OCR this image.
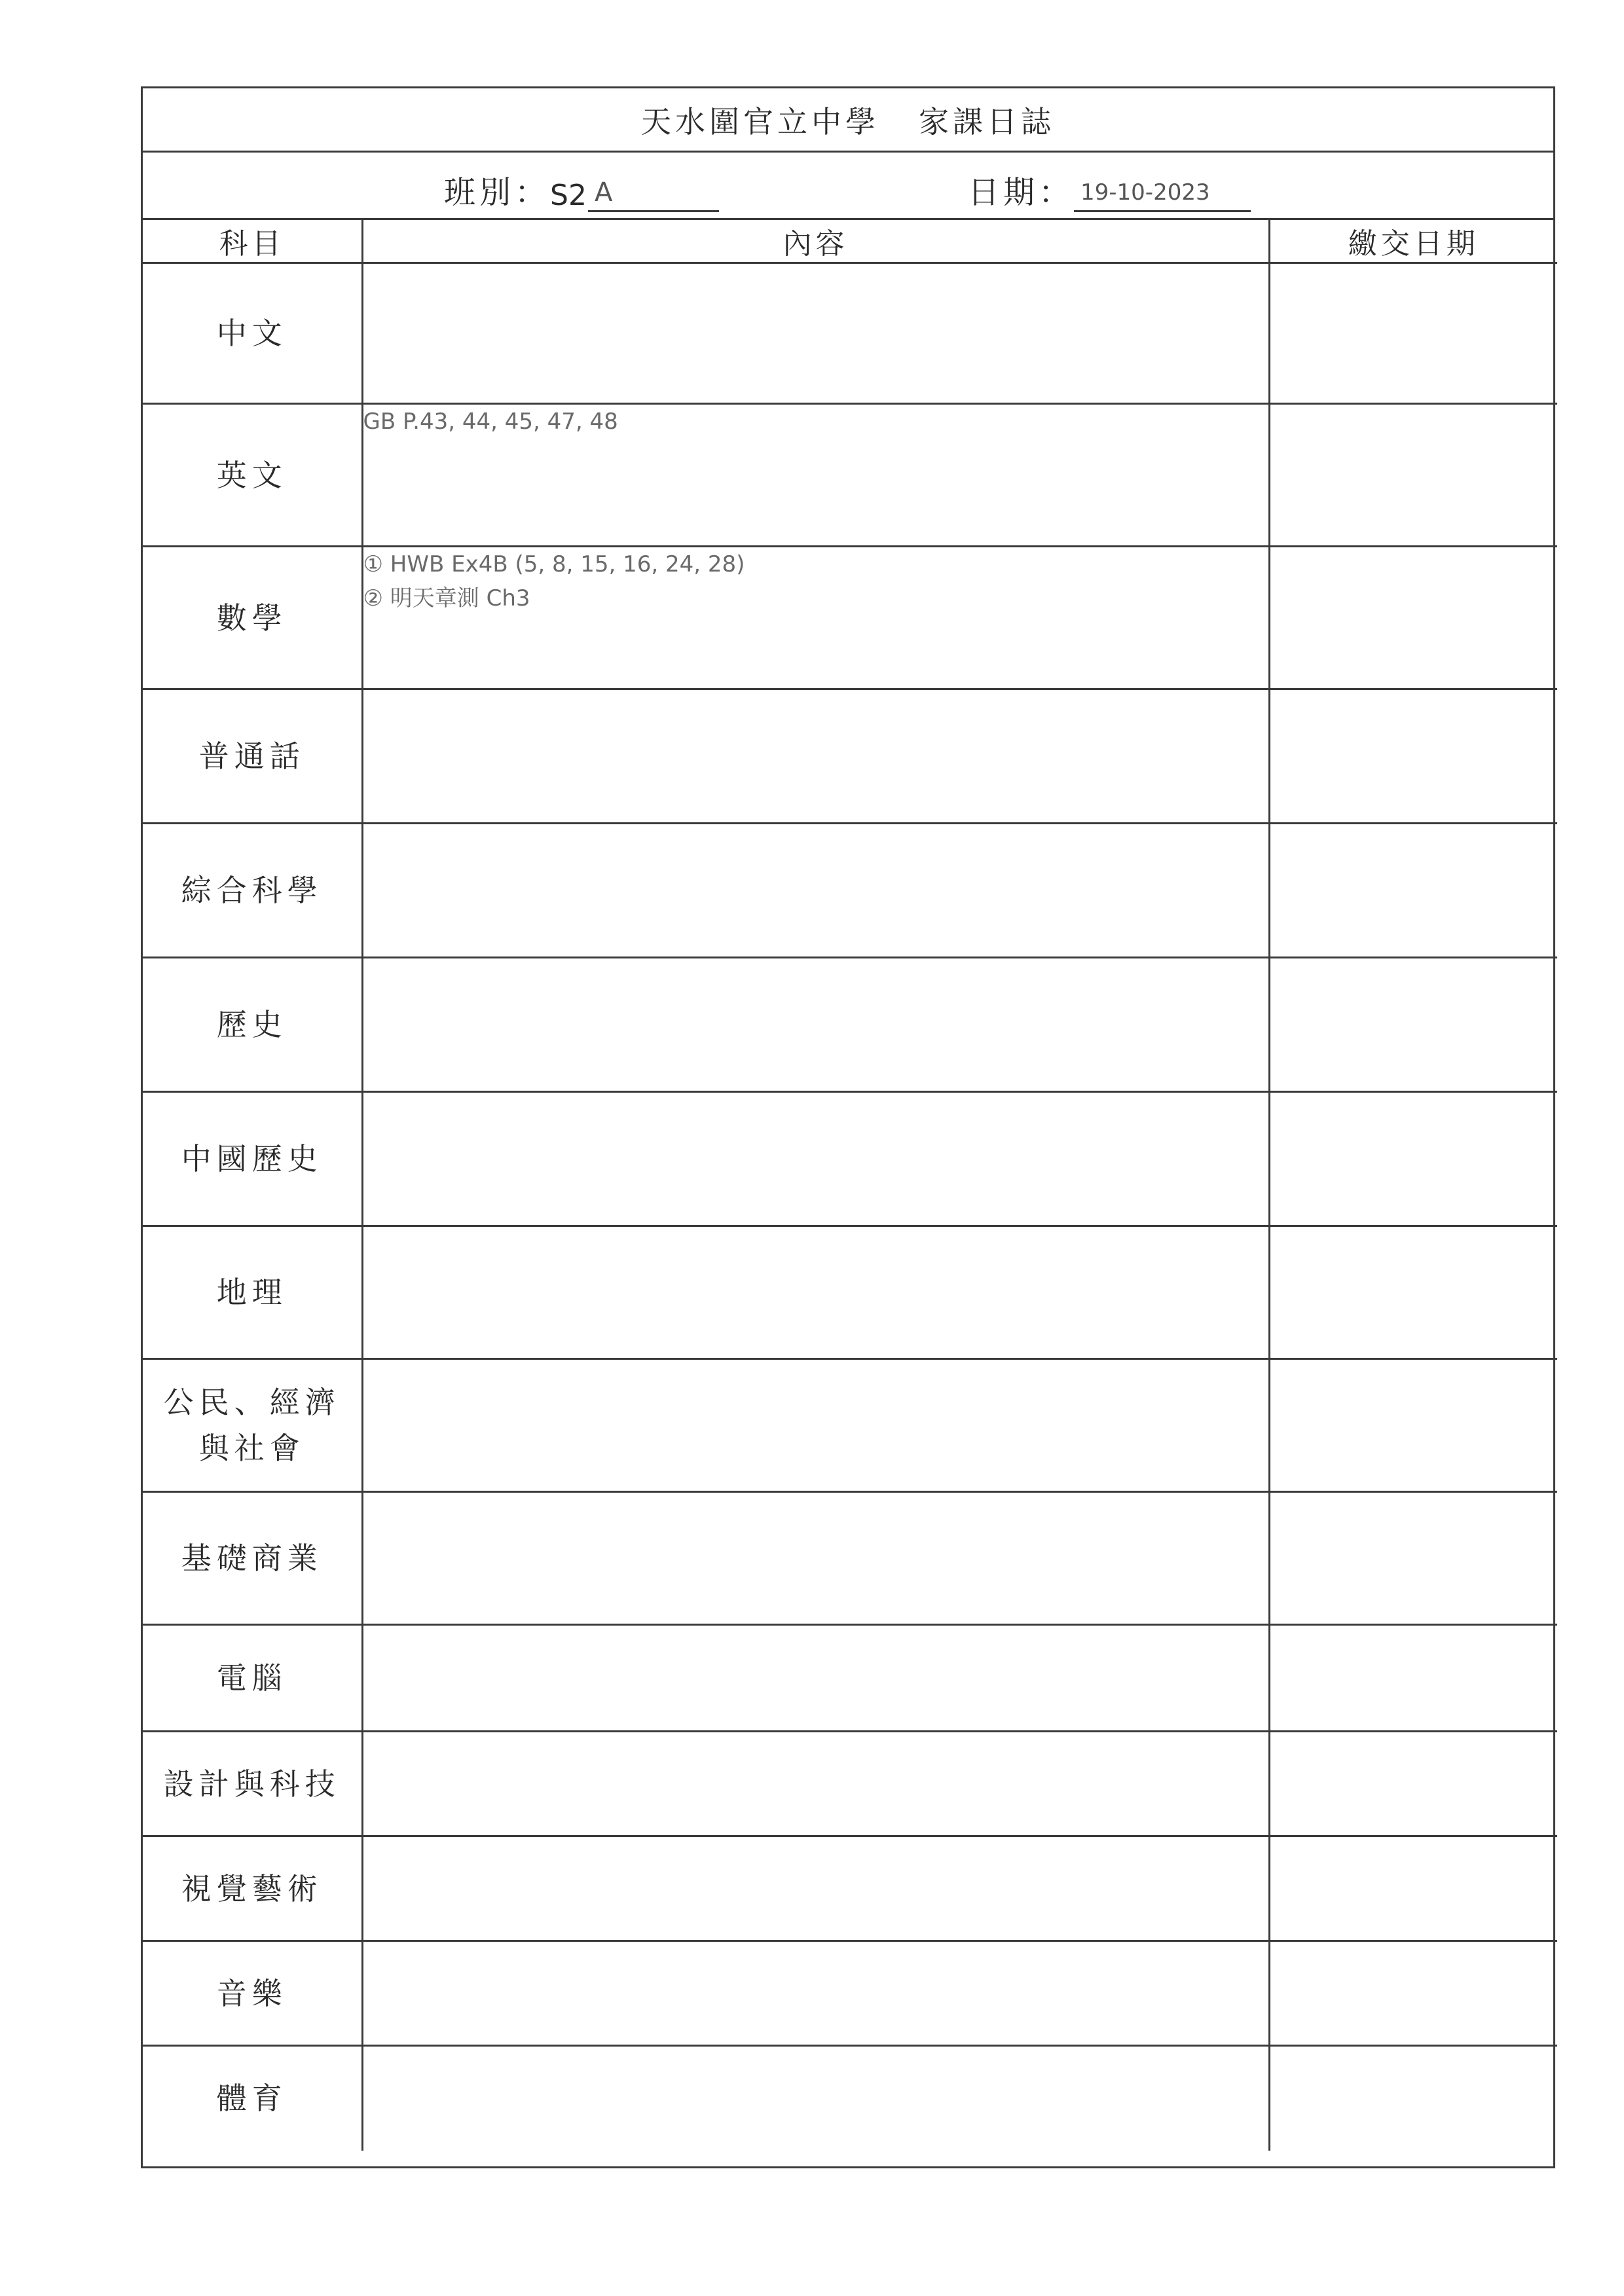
天水圍官立中學 家課日誌
班別： S2 A	日期： 19-10-2023
科目	內容	繳交日期

中文		

英文	GB P.43, 44, 45, 47, 48	

數學	① HWB Ex4B (5, 8, 15, 16, 24, 28)
② 明天章測 Ch3	

普通話		

綜合科學		

歷史		

中國歷史		

地理		

公民、經濟
與社會		

基礎商業		

電腦		

設計與科技		

視覺藝術		

音樂		

體育		
